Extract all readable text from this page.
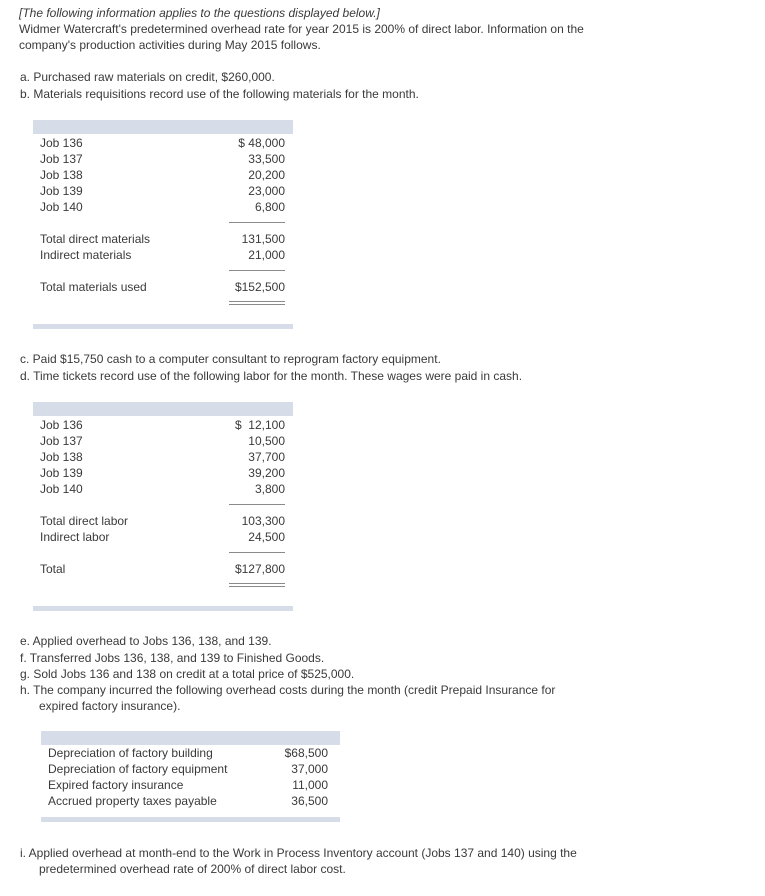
[The following information applies to the questions displayed below.]
Widmer Watercraft's predetermined overhead rate for year 2015 is 200% of direct labor. Information on the
company's production activities during May 2015 follows.
a. Purchased raw materials on credit, $260,000.
b. Materials requisitions record use of the following materials for the month.
Job 136	$ 48,000
Job 137	33,500
Job 138	20,200
Job 139	23,000
Job 140	6,800
Total direct materials	131,500
Indirect materials	21,000
Total materials used	$152,500
c. Paid $15,750 cash to a computer consultant to reprogram factory equipment.
d. Time tickets record use of the following labor for the month. These wages were paid in cash.
Job 136	$  12,100
Job 137	10,500
Job 138	37,700
Job 139	39,200
Job 140	3,800
Total direct labor	103,300
Indirect labor	24,500
Total	$127,800
e. Applied overhead to Jobs 136, 138, and 139.
f. Transferred Jobs 136, 138, and 139 to Finished Goods.
g. Sold Jobs 136 and 138 on credit at a total price of $525,000.
h. The company incurred the following overhead costs during the month (credit Prepaid Insurance for
expired factory insurance).
Depreciation of factory building	$68,500
Depreciation of factory equipment	37,000
Expired factory insurance	11,000
Accrued property taxes payable	36,500
i. Applied overhead at month-end to the Work in Process Inventory account (Jobs 137 and 140) using the
predetermined overhead rate of 200% of direct labor cost.
